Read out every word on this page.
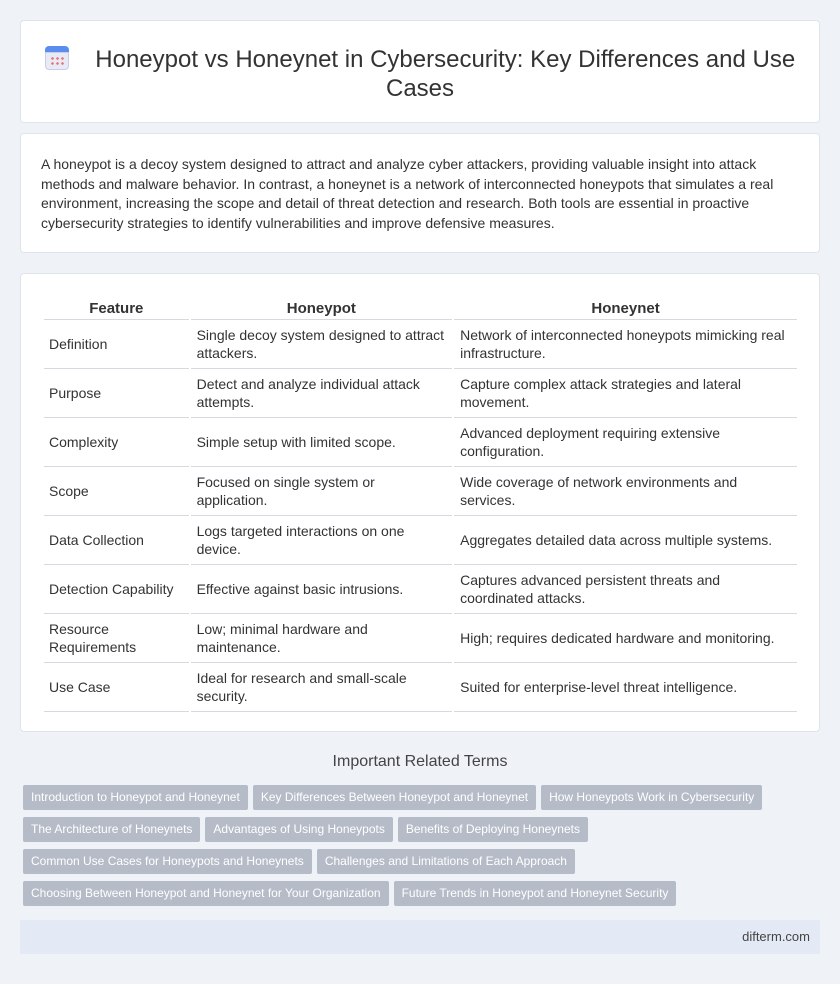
Honeypot vs Honeynet in Cybersecurity: Key Differences and Use Cases

A honeypot is a decoy system designed to attract and analyze cyber attackers, providing valuable insight into attack methods and malware behavior. In contrast, a honeynet is a network of interconnected honeypots that simulates a real environment, increasing the scope and detail of threat detection and research. Both tools are essential in proactive cybersecurity strategies to identify vulnerabilities and improve defensive measures.

Feature	Honeypot	Honeynet
Definition	Single decoy system designed to attract attackers.	Network of interconnected honeypots mimicking real infrastructure.
Purpose	Detect and analyze individual attack attempts.	Capture complex attack strategies and lateral movement.
Complexity	Simple setup with limited scope.	Advanced deployment requiring extensive configuration.
Scope	Focused on single system or application.	Wide coverage of network environments and services.
Data Collection	Logs targeted interactions on one device.	Aggregates detailed data across multiple systems.
Detection Capability	Effective against basic intrusions.	Captures advanced persistent threats and coordinated attacks.
Resource Requirements	Low; minimal hardware and maintenance.	High; requires dedicated hardware and monitoring.
Use Case	Ideal for research and small-scale security.	Suited for enterprise-level threat intelligence.
Important Related Terms
Introduction to Honeypot and Honeynet Key Differences Between Honeypot and Honeynet How Honeypots Work in Cybersecurity
The Architecture of Honeynets Advantages of Using Honeypots Benefits of Deploying Honeynets
Common Use Cases for Honeypots and Honeynets Challenges and Limitations of Each Approach
Choosing Between Honeypot and Honeynet for Your Organization Future Trends in Honeypot and Honeynet Security
difterm.com
